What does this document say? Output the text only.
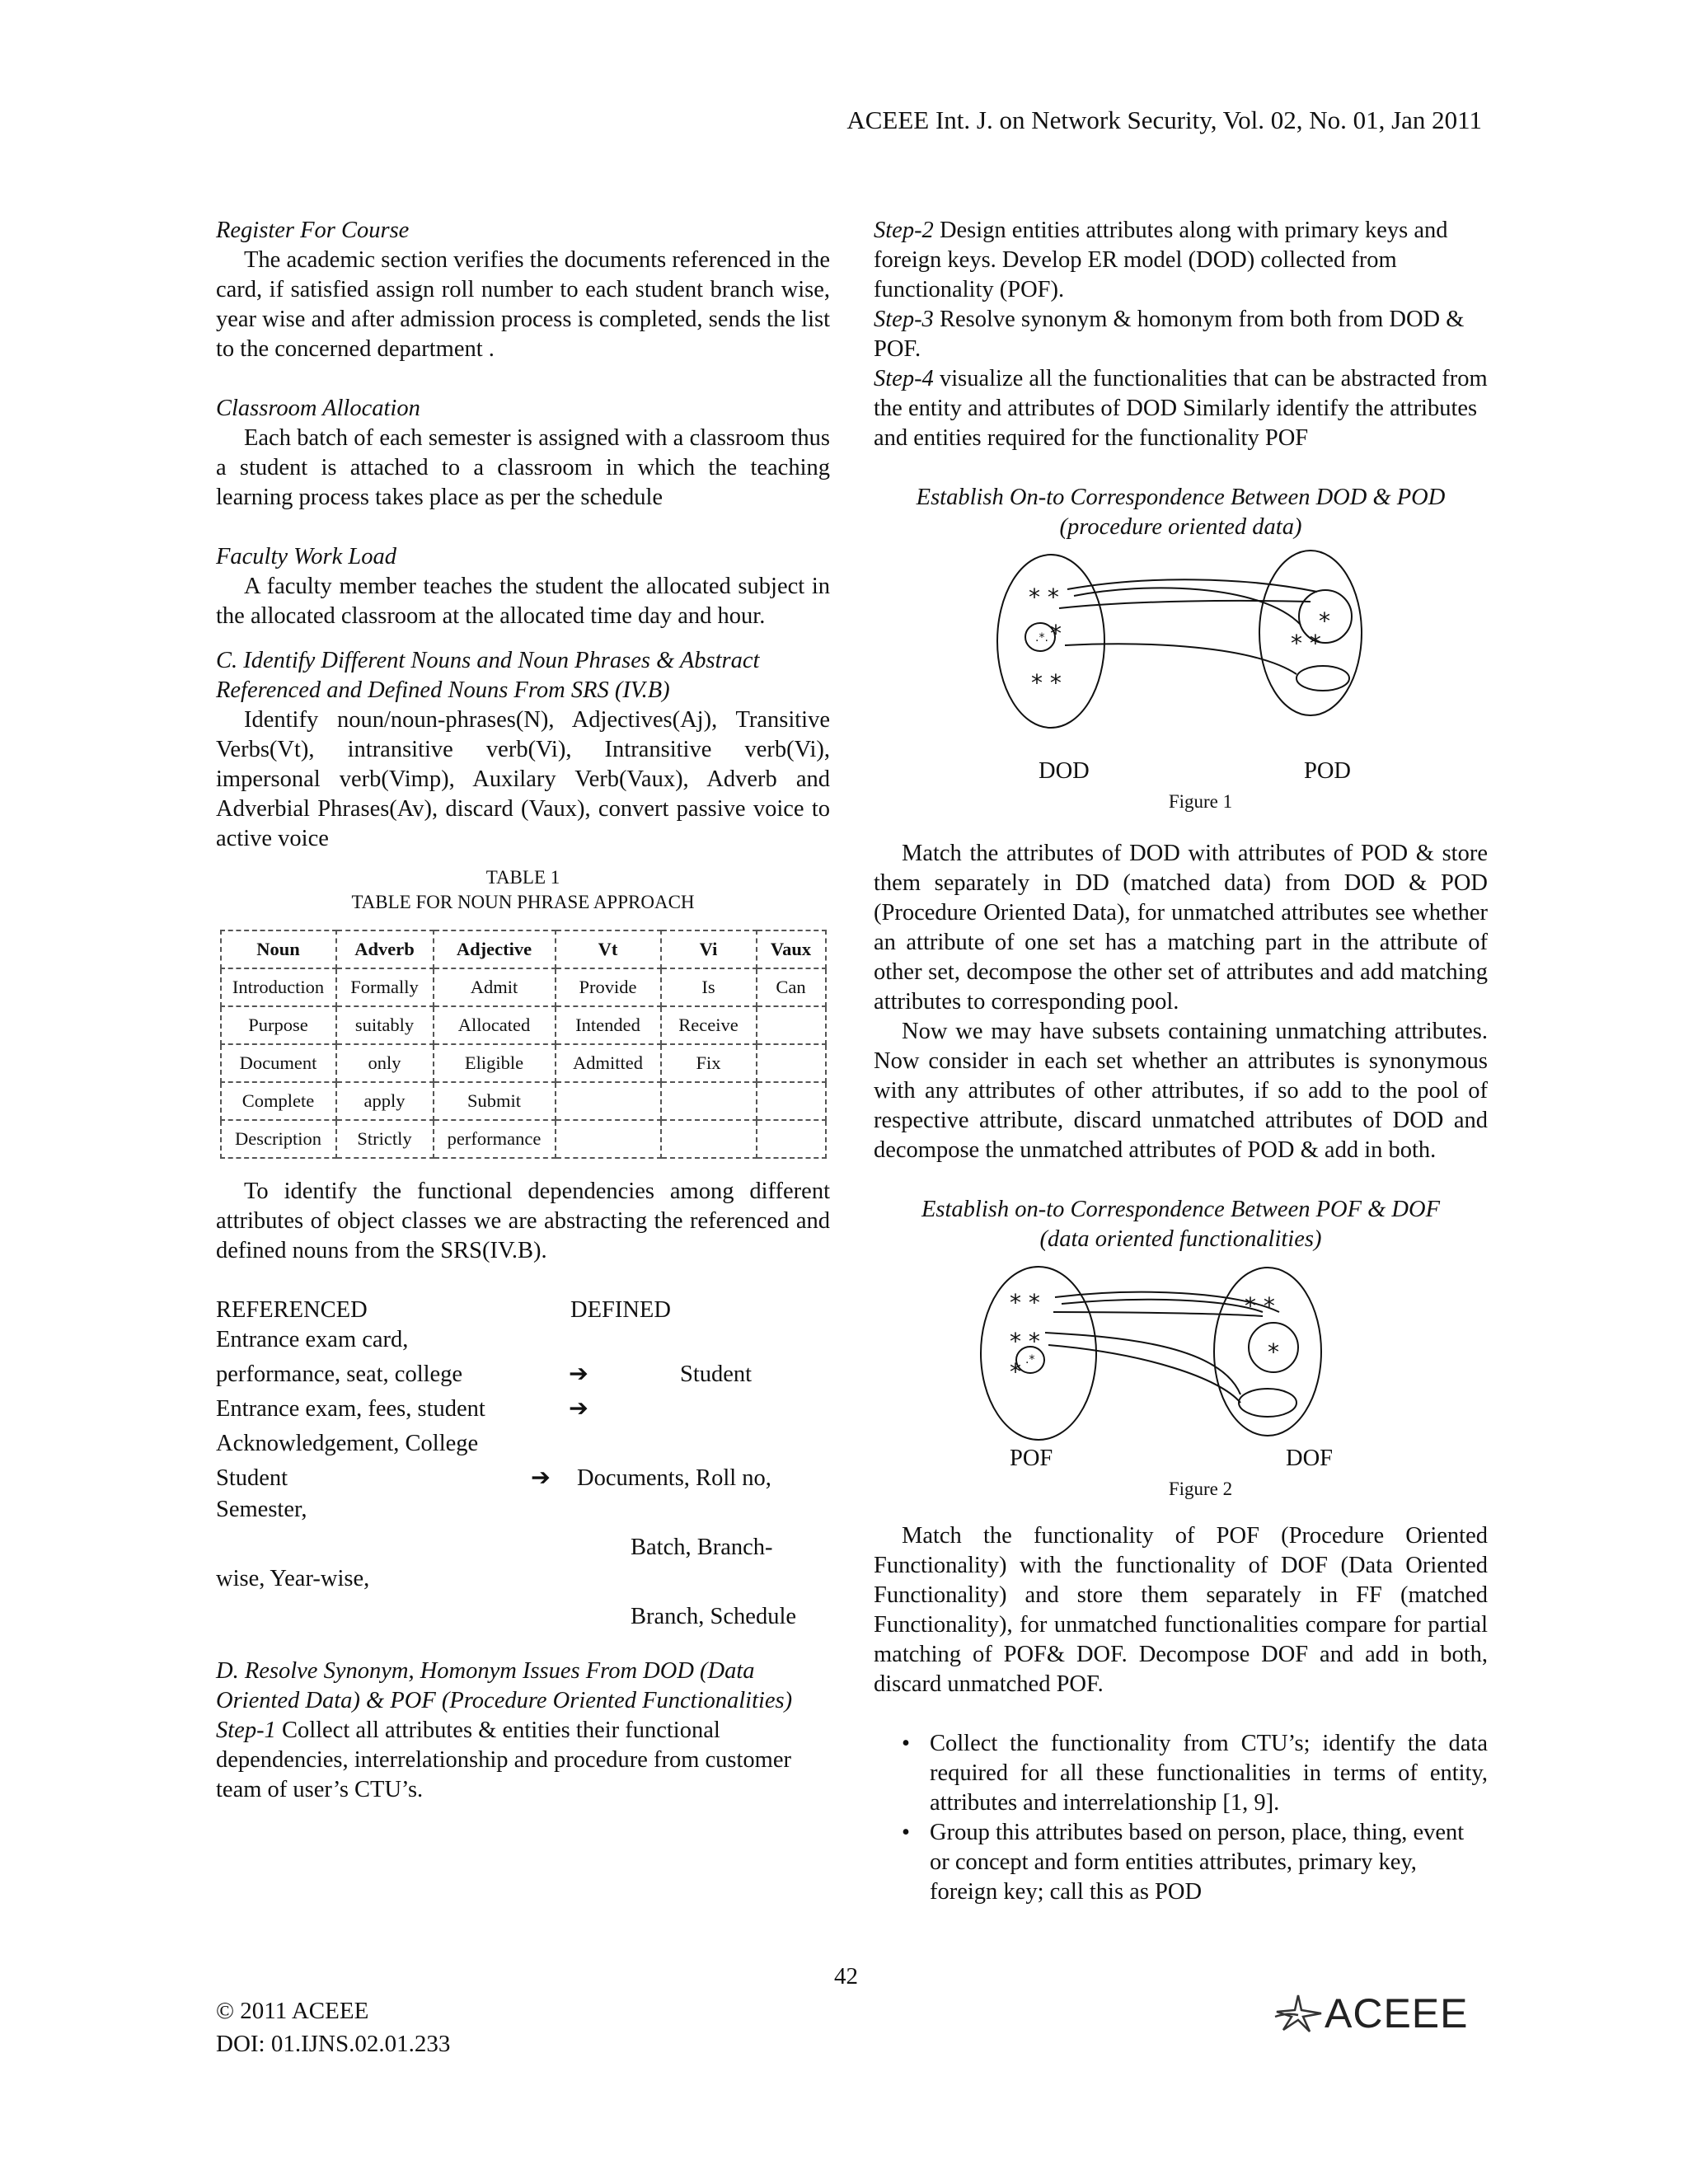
ACEEE Int. J. on Network Security, Vol. 02, No. 01, Jan 2011

Register For Course

The academic section verifies the documents referenced in the card, if satisfied assign roll number to each student branch wise, year wise and after admission process is completed, sends the list to the concerned department .

Classroom Allocation

Each batch of each semester is assigned with a classroom thus a student is attached to a classroom in which the teaching learning process takes place as per the schedule

Faculty Work Load

A faculty member teaches the student the allocated subject in the allocated classroom at the allocated time day and hour.

C. Identify Different Nouns and Noun Phrases & Abstract Referenced and Defined Nouns From SRS (IV.B)

Identify noun/noun-phrases(N), Adjectives(Aj), Transitive Verbs(Vt), intransitive verb(Vi), Intransitive verb(Vi), impersonal verb(Vimp), Auxilary Verb(Vaux), Adverb and Adverbial Phrases(Av), discard (Vaux), convert passive voice to active voice

TABLE 1
TABLE FOR NOUN PHRASE APPROACH
Noun	Adverb	Adjective	Vt	Vi	Vaux
Introduction	Formally	Admit	Provide	Is	Can
Purpose	suitably	Allocated	Intended	Receive	
Document	only	Eligible	Admitted	Fix	
Complete	apply	Submit			
Description	Strictly	performance			

To identify the functional dependencies among different attributes of object classes we are abstracting the referenced and defined nouns from the SRS(IV.B).

REFERENCED	DEFINED
Entrance exam card,
performance, seat, college	➔	Student
Entrance exam, fees, student	➔
Acknowledgement, College
Student	➔ Documents, Roll no,
Semester,
Batch, Branch-
wise, Year-wise,
Branch, Schedule

D. Resolve Synonym, Homonym Issues From DOD (Data Oriented Data) & POF (Procedure Oriented Functionalities)

Step-1 Collect all attributes & entities their functional dependencies, interrelationship and procedure from customer team of user’s CTU’s.

Step-2 Design entities attributes along with primary keys and foreign keys. Develop ER model (DOD) collected from functionality (POF).

Step-3 Resolve synonym & homonym from both from DOD & POF.

Step-4 visualize all the functionalities that can be abstracted from the entity and attributes of DOD Similarly identify the attributes and entities required for the functionality POF

Establish On-to Correspondence Between DOD & POD

(procedure oriented data)

* *
*
* *
*
* *
.*.
DOD	POD
Figure 1

Match the attributes of DOD with attributes of POD & store them separately in DD (matched data) from DOD & POD (Procedure Oriented Data), for unmatched attributes see whether an attribute of one set has a matching part in the attribute of other set, decompose the other set of attributes and add matching attributes to corresponding pool.

Now we may have subsets containing unmatching attributes. Now consider in each set whether an attributes is synonymous with any attributes of other attributes, if so add to the pool of respective attribute, discard unmatched attributes of DOD and decompose the unmatched attributes of POD & add in both.

Establish on-to Correspondence Between POF & DOF

(data oriented functionalities)

* *
* *
*
* *
*
.*
POF	DOF
Figure 2

Match the functionality of POF (Procedure Oriented Functionality) with the functionality of DOF (Data Oriented Functionality) and store them separately in FF (matched Functionality), for unmatched functionalities compare for partial matching of POF& DOF. Decompose DOF and add in both, discard unmatched POF.

• Collect the functionality from CTU’s; identify the data required for all these functionalities in terms of entity, attributes and interrelationship [1, 9].
• Group this attributes based on person, place, thing, event or concept and form entities attributes, primary key, foreign key; call this as POD
42
© 2011 ACEEE
DOI: 01.IJNS.02.01.233
ACEEE
